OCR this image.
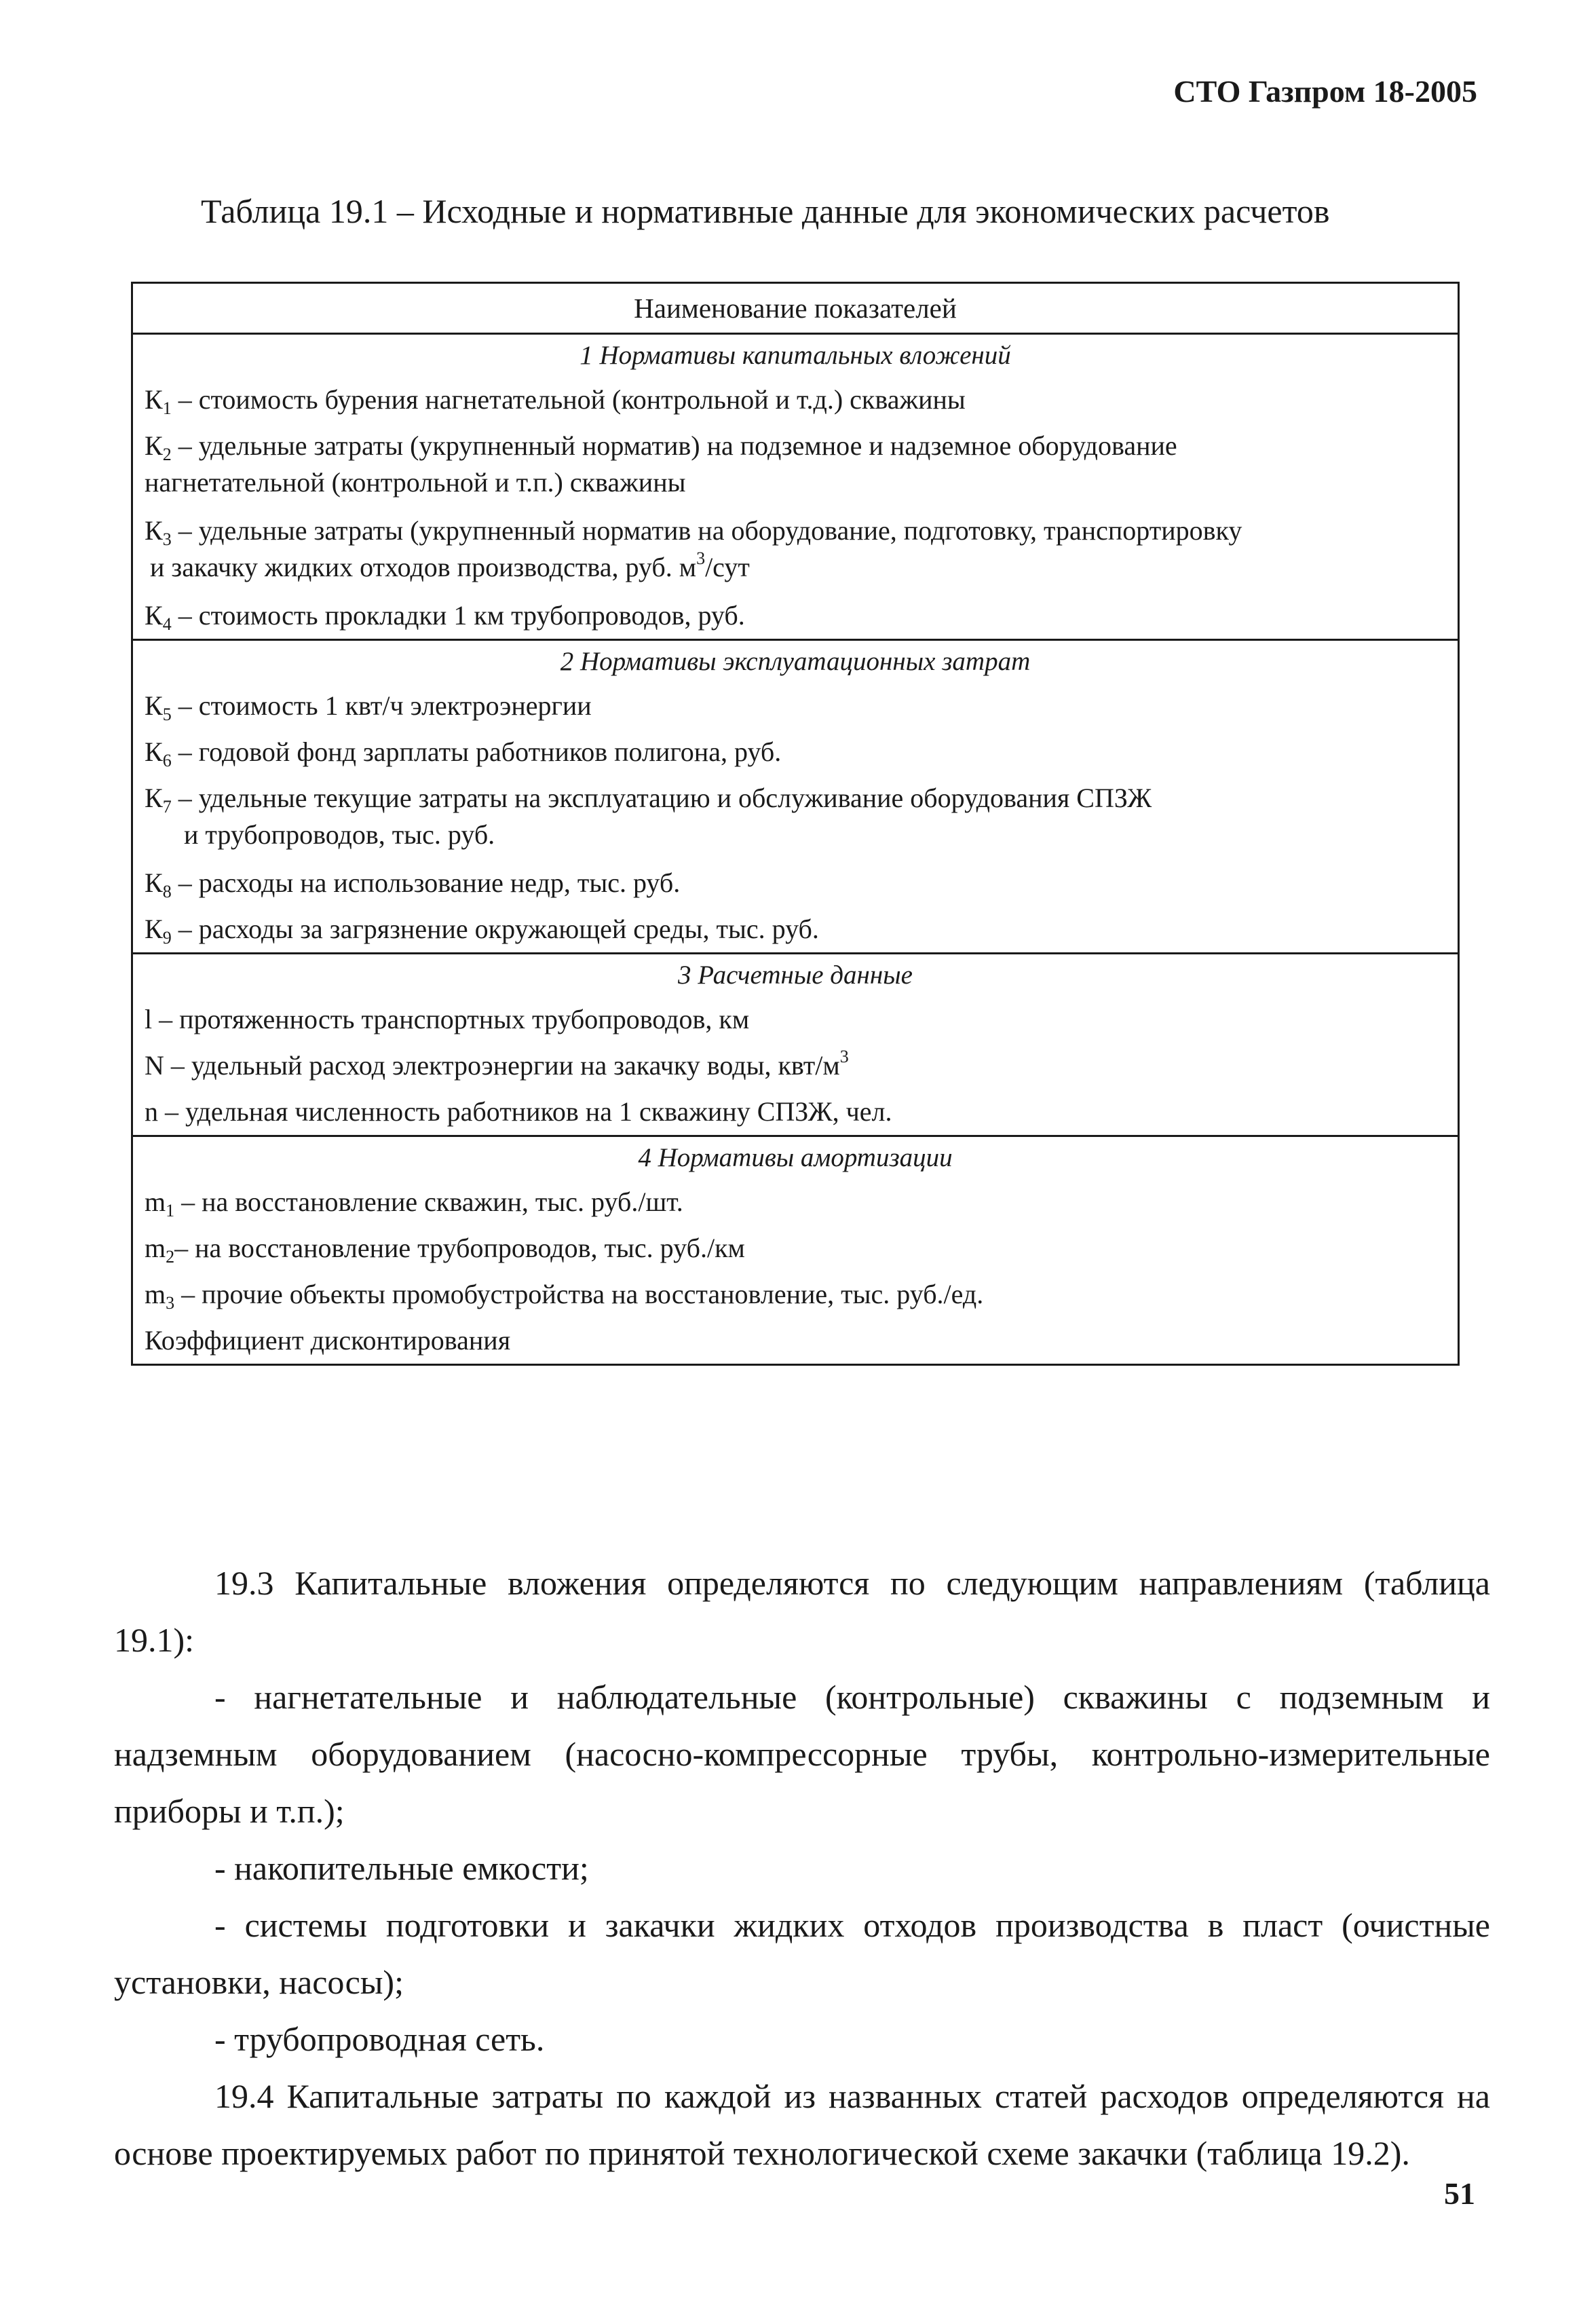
СТО Газпром 18-2005
Таблица 19.1 – Исходные и нормативные данные для экономических расчетов
Наименование показателей
1 Нормативы капитальных вложений
$К_1$ – стоимость бурения нагнетательной (контрольной и т.д.) скважины
$К_2$ – удельные затраты (укрупненный норматив) на подземное и надземное оборудование
нагнетательной (контрольной и т.п.) скважины
$К_3$ – удельные затраты (укрупненный норматив на оборудование, подготовку, транспортировку
и закачку жидких отходов производства, руб. $м^3$/сут
$К_4$ – стоимость прокладки 1 км трубопроводов, руб.
2 Нормативы эксплуатационных затрат
$К_5$ – стоимость 1 квт/ч электроэнергии
$К_6$ – годовой фонд зарплаты работников полигона, руб.
$К_7$ – удельные текущие затраты на эксплуатацию и обслуживание оборудования СПЗЖ
и трубопроводов, тыс. руб.
$К_8$ – расходы на использование недр, тыс. руб.
$К_9$ – расходы за загрязнение окружающей среды, тыс. руб.
3 Расчетные данные
l – протяженность транспортных трубопроводов, км
N – удельный расход электроэнергии на закачку воды, квт/$м^3$
n – удельная численность работников на 1 скважину СПЗЖ, чел.
4 Нормативы амортизации
$m_1$ – на восстановление скважин, тыс. руб./шт.
$m_2-$ на восстановление трубопроводов, тыс. руб./км
$m_3$ – прочие объекты промобустройства на восстановление, тыс. руб./ед.
Коэффициент дисконтирования

19.3 Капитальные вложения определяются по следующим направлениям (таблица 19.1):

- нагнетательные и наблюдательные (контрольные) скважины с подземным и надземным оборудованием (насосно-компрессорные трубы, контрольно-измерительные приборы и т.п.);

- накопительные емкости;

- системы подготовки и закачки жидких отходов производства в пласт (очистные установки, насосы);

- трубопроводная сеть.

19.4 Капитальные затраты по каждой из названных статей расходов определяются на основе проектируемых работ по принятой технологической схеме закачки (таблица 19.2).

51
